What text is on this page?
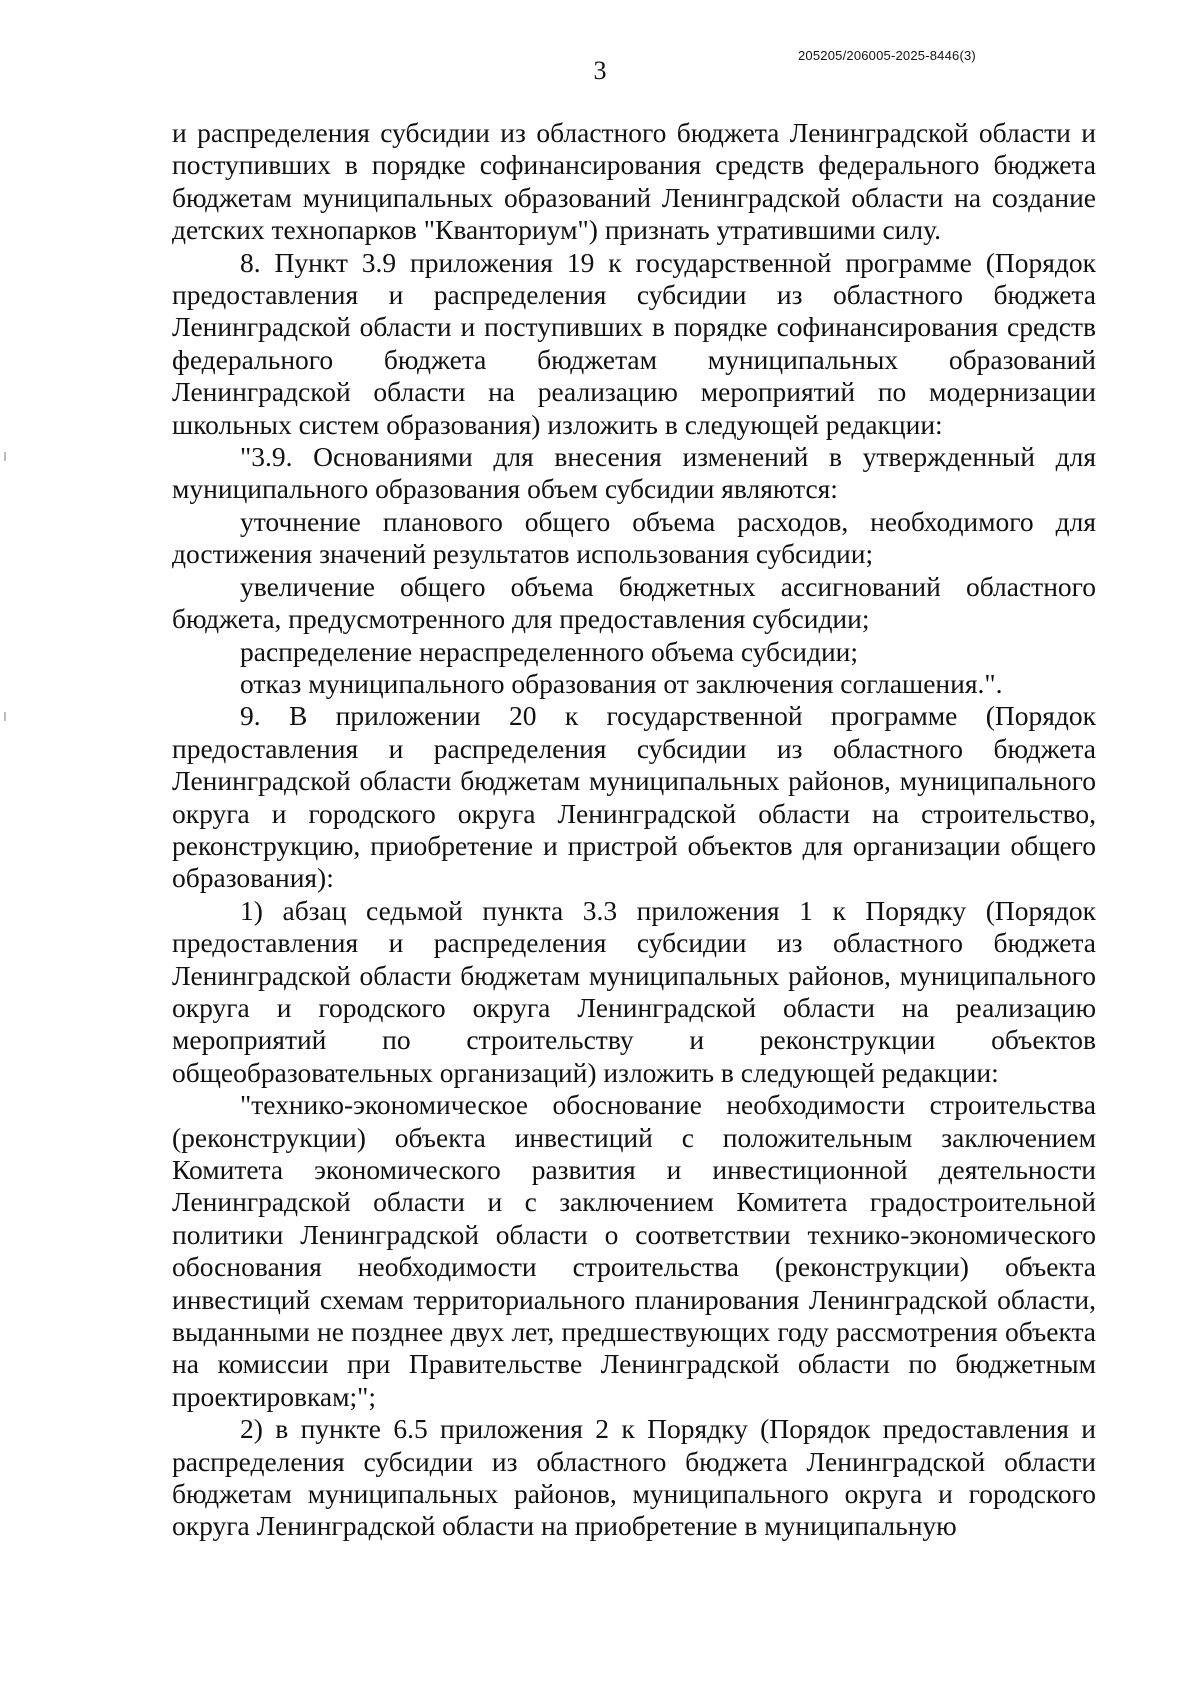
3
205205/206005-2025-8446(3)

и распределения субсидии из областного бюджета Ленинградской области и поступивших в порядке софинансирования средств федерального бюджета бюджетам муниципальных образований Ленинградской области на создание детских технопарков "Кванториум") признать утратившими силу.

8. Пункт 3.9 приложения 19 к государственной программе (Порядок предоставления и распределения субсидии из областного бюджета Ленинградской области и поступивших в порядке софинансирования средств федерального бюджета бюджетам муниципальных образований Ленинградской области на реализацию мероприятий по модернизации школьных систем образования) изложить в следующей редакции:

"3.9. Основаниями для внесения изменений в утвержденный для муниципального образования объем субсидии являются:

уточнение планового общего объема расходов, необходимого для достижения значений результатов использования субсидии;

увеличение общего объема бюджетных ассигнований областного бюджета, предусмотренного для предоставления субсидии;

распределение нераспределенного объема субсидии;

отказ муниципального образования от заключения соглашения.".

9. В приложении 20 к государственной программе (Порядок предоставления и распределения субсидии из областного бюджета Ленинградской области бюджетам муниципальных районов, муниципального округа и городского округа Ленинградской области на строительство, реконструкцию, приобретение и пристрой объектов для организации общего образования):

1) абзац седьмой пункта 3.3 приложения 1 к Порядку (Порядок предоставления и распределения субсидии из областного бюджета Ленинградской области бюджетам муниципальных районов, муниципального округа и городского округа Ленинградской области на реализацию мероприятий по строительству и реконструкции объектов общеобразовательных организаций) изложить в следующей редакции:

"технико-экономическое обоснование необходимости строительства (реконструкции) объекта инвестиций с положительным заключением Комитета экономического развития и инвестиционной деятельности Ленинградской области и с заключением Комитета градостроительной политики Ленинградской области о соответствии технико-экономического обоснования необходимости строительства (реконструкции) объекта инвестиций схемам территориального планирования Ленинградской области, выданными не позднее двух лет, предшествующих году рассмотрения объекта на комиссии при Правительстве Ленинградской области по бюджетным проектировкам;";

2) в пункте 6.5 приложения 2 к Порядку (Порядок предоставления и распределения субсидии из областного бюджета Ленинградской области бюджетам муниципальных районов, муниципального округа и городского округа Ленинградской области на приобретение в муниципальную
